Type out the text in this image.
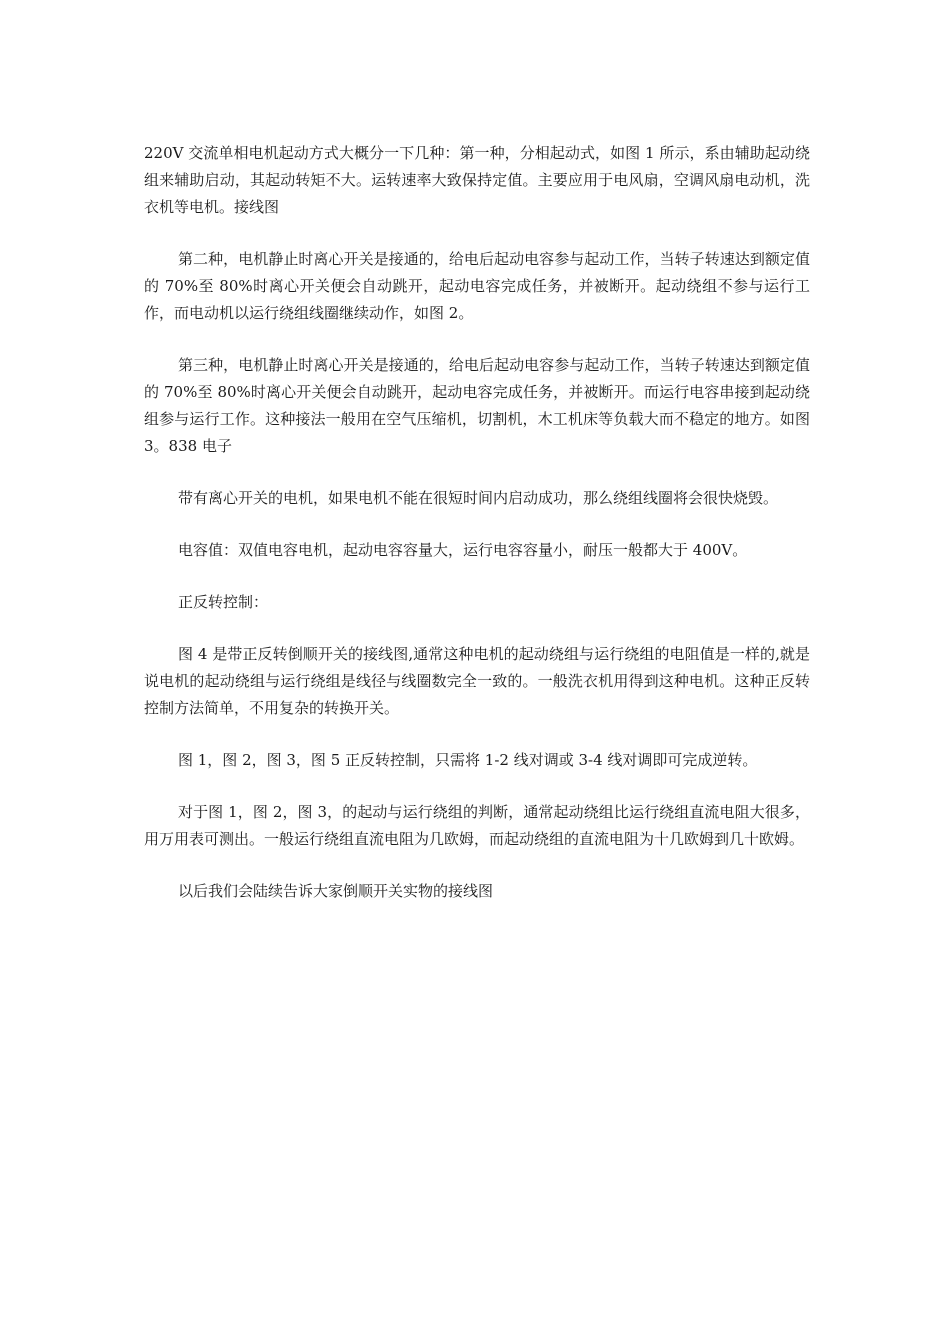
220V 交流单相电机起动方式大概分一下几种：第一种，分相起动式，如图 1 所示，系由辅助起动绕组来辅助启动，其起动转矩不大。运转速率大致保持定值。主要应用于电风扇，空调风扇电动机，洗衣机等电机。接线图

第二种，电机静止时离心开关是接通的，给电后起动电容参与起动工作，当转子转速达到额定值的 70%至 80%时离心开关便会自动跳开，起动电容完成任务，并被断开。起动绕组不参与运行工作，而电动机以运行绕组线圈继续动作，如图 2。

第三种，电机静止时离心开关是接通的，给电后起动电容参与起动工作，当转子转速达到额定值的 70%至 80%时离心开关便会自动跳开，起动电容完成任务，并被断开。而运行电容串接到起动绕组参与运行工作。这种接法一般用在空气压缩机，切割机，木工机床等负载大而不稳定的地方。如图 3。838 电子

带有离心开关的电机，如果电机不能在很短时间内启动成功，那么绕组线圈将会很快烧毁。

电容值：双值电容电机，起动电容容量大，运行电容容量小，耐压一般都大于 400V。

正反转控制：

图 4 是带正反转倒顺开关的接线图,通常这种电机的起动绕组与运行绕组的电阻值是一样的,就是说电机的起动绕组与运行绕组是线径与线圈数完全一致的。一般洗衣机用得到这种电机。这种正反转控制方法简单，不用复杂的转换开关。

图 1，图 2，图 3，图 5 正反转控制，只需将 1-2 线对调或 3-4 线对调即可完成逆转。

对于图 1，图 2，图 3，的起动与运行绕组的判断，通常起动绕组比运行绕组直流电阻大很多，用万用表可测出。一般运行绕组直流电阻为几欧姆，而起动绕组的直流电阻为十几欧姆到几十欧姆。

以后我们会陆续告诉大家倒顺开关实物的接线图
